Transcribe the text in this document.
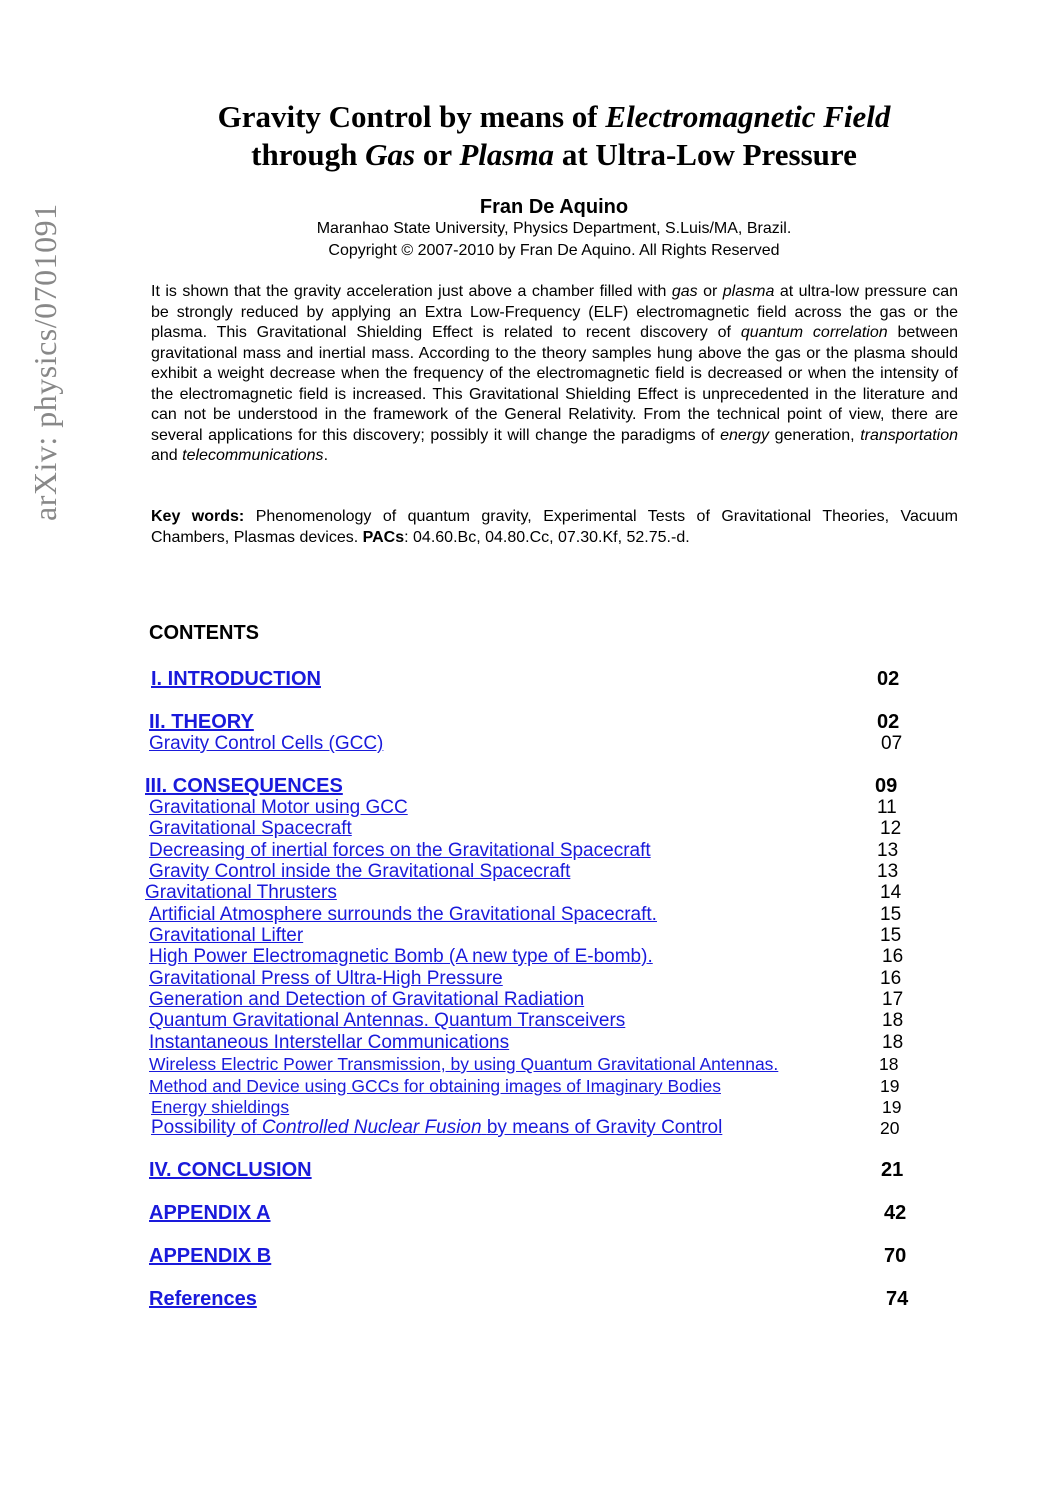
arXiv: physics/0701091
Gravity Control by means of Electromagnetic Field
through Gas or Plasma at Ultra-Low Pressure
Fran De Aquino
Maranhao State University, Physics Department, S.Luis/MA, Brazil.
Copyright © 2007-2010 by Fran De Aquino. All Rights Reserved
It is shown that the gravity acceleration just above a chamber filled with gas or plasma at ultra-low pressure can be strongly reduced by applying an Extra Low-Frequency (ELF) electromagnetic field across the gas or the plasma. This Gravitational Shielding Effect is related to recent discovery of quantum correlation between gravitational mass and inertial mass. According to the theory samples hung above the gas or the plasma should exhibit a weight decrease when the frequency of the electromagnetic field is decreased or when the intensity of the electromagnetic field is increased. This Gravitational Shielding Effect is unprecedented in the literature and can not be understood in the framework of the General Relativity. From the technical point of view, there are several applications for this discovery; possibly it will change the paradigms of energy generation, transportation and telecommunications.
Key words: Phenomenology of quantum gravity, Experimental Tests of Gravitational Theories, Vacuum Chambers, Plasmas devices. PACs: 04.60.Bc, 04.80.Cc, 07.30.Kf, 52.75.-d.
CONTENTS
I. INTRODUCTION	02
II. THEORY	02
Gravity Control Cells (GCC)	07
III. CONSEQUENCES	09
Gravitational Motor using GCC	11
Gravitational Spacecraft	12
Decreasing of inertial forces on the Gravitational Spacecraft	13
Gravity Control inside the Gravitational Spacecraft	13
Gravitational Thrusters	14
Artificial Atmosphere surrounds the Gravitational Spacecraft.	15
Gravitational Lifter	15
High Power Electromagnetic Bomb (A new type of E-bomb).	16
Gravitational Press of Ultra-High Pressure	16
Generation and Detection of Gravitational Radiation	17
Quantum Gravitational Antennas. Quantum Transceivers	18
Instantaneous Interstellar Communications	18
Wireless Electric Power Transmission, by using Quantum Gravitational Antennas.	18
Method and Device using GCCs for obtaining images of Imaginary Bodies	19
Energy shieldings	19
Possibility of Controlled Nuclear Fusion by means of Gravity Control	20
IV. CONCLUSION	21
APPENDIX A	42
APPENDIX B	70
References	74
